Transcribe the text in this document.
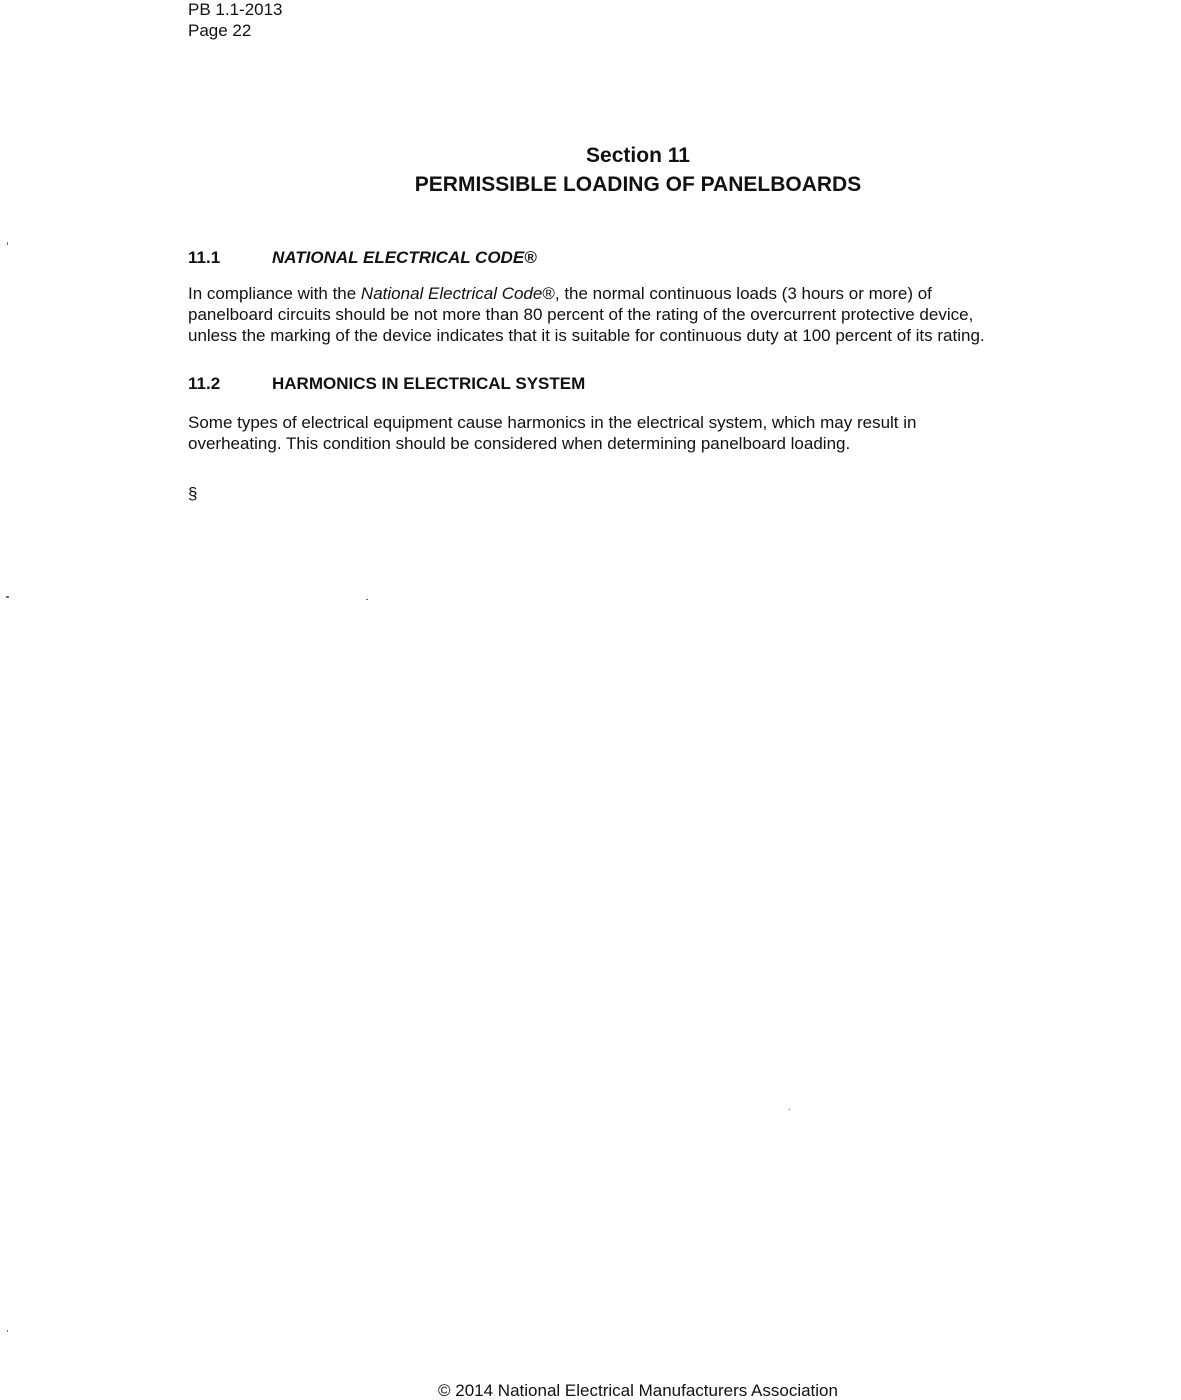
PB 1.1-2013
Page 22
Section 11
PERMISSIBLE LOADING OF PANELBOARDS
11.1	NATIONAL ELECTRICAL CODE®
In compliance with the National Electrical Code®, the normal continuous loads (3 hours or more) of
panelboard circuits should be not more than 80 percent of the rating of the overcurrent protective device,
unless the marking of the device indicates that it is suitable for continuous duty at 100 percent of its rating.
11.2	HARMONICS IN ELECTRICAL SYSTEM
Some types of electrical equipment cause harmonics in the electrical system, which may result in
overheating. This condition should be considered when determining panelboard loading.
§
© 2014 National Electrical Manufacturers Association
